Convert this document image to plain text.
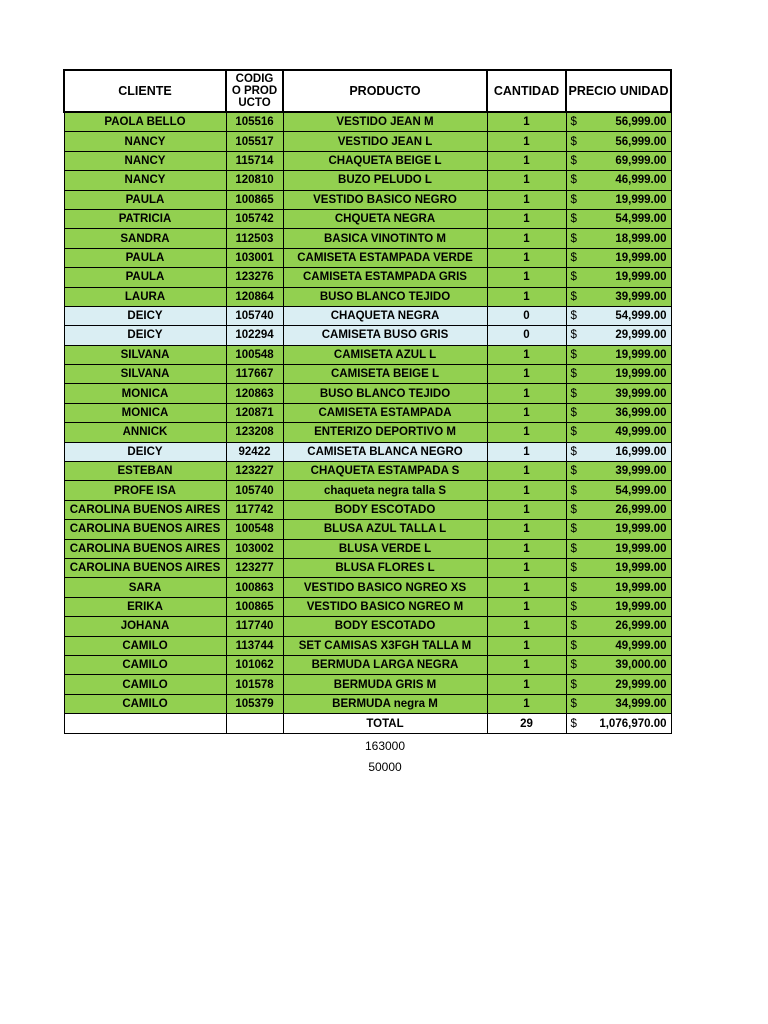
CLIENTE	CODIGO PRODUCTO	PRODUCTO	CANTIDAD	PRECIO UNIDAD
PAOLA BELLO	105516	VESTIDO JEAN M	1	$ 56,999.00

NANCY	105517	VESTIDO JEAN L	1	$ 56,999.00

NANCY	115714	CHAQUETA BEIGE L	1	$ 69,999.00

NANCY	120810	BUZO PELUDO L	1	$ 46,999.00

PAULA	100865	VESTIDO BASICO NEGRO	1	$ 19,999.00

PATRICIA	105742	CHQUETA NEGRA	1	$ 54,999.00

SANDRA	112503	BASICA VINOTINTO M	1	$ 18,999.00

PAULA	103001	CAMISETA ESTAMPADA VERDE	1	$ 19,999.00

PAULA	123276	CAMISETA ESTAMPADA GRIS	1	$ 19,999.00

LAURA	120864	BUSO BLANCO TEJIDO	1	$ 39,999.00

DEICY	105740	CHAQUETA NEGRA	0	$ 54,999.00

DEICY	102294	CAMISETA BUSO GRIS	0	$ 29,999.00

SILVANA	100548	CAMISETA AZUL L	1	$ 19,999.00

SILVANA	117667	CAMISETA BEIGE L	1	$ 19,999.00

MONICA	120863	BUSO BLANCO TEJIDO	1	$ 39,999.00

MONICA	120871	CAMISETA ESTAMPADA	1	$ 36,999.00

ANNICK	123208	ENTERIZO DEPORTIVO M	1	$ 49,999.00

DEICY	92422	CAMISETA BLANCA NEGRO	1	$ 16,999.00

ESTEBAN	123227	CHAQUETA ESTAMPADA S	1	$ 39,999.00

PROFE ISA	105740	chaqueta negra talla S	1	$ 54,999.00

CAROLINA BUENOS AIRES	117742	BODY ESCOTADO	1	$ 26,999.00

CAROLINA BUENOS AIRES	100548	BLUSA AZUL TALLA L	1	$ 19,999.00

CAROLINA BUENOS AIRES	103002	BLUSA VERDE L	1	$ 19,999.00

CAROLINA BUENOS AIRES	123277	BLUSA FLORES L	1	$ 19,999.00

SARA	100863	VESTIDO BASICO NGREO XS	1	$ 19,999.00

ERIKA	100865	VESTIDO BASICO NGREO M	1	$ 19,999.00

JOHANA	117740	BODY ESCOTADO	1	$ 26,999.00

CAMILO	113744	SET CAMISAS X3FGH TALLA M	1	$ 49,999.00

CAMILO	101062	BERMUDA LARGA NEGRA	1	$ 39,000.00

CAMILO	101578	BERMUDA GRIS M	1	$ 29,999.00

CAMILO	105379	BERMUDA negra M	1	$ 34,999.00

		TOTAL	29	$ 1,076,970.00
163000
50000
